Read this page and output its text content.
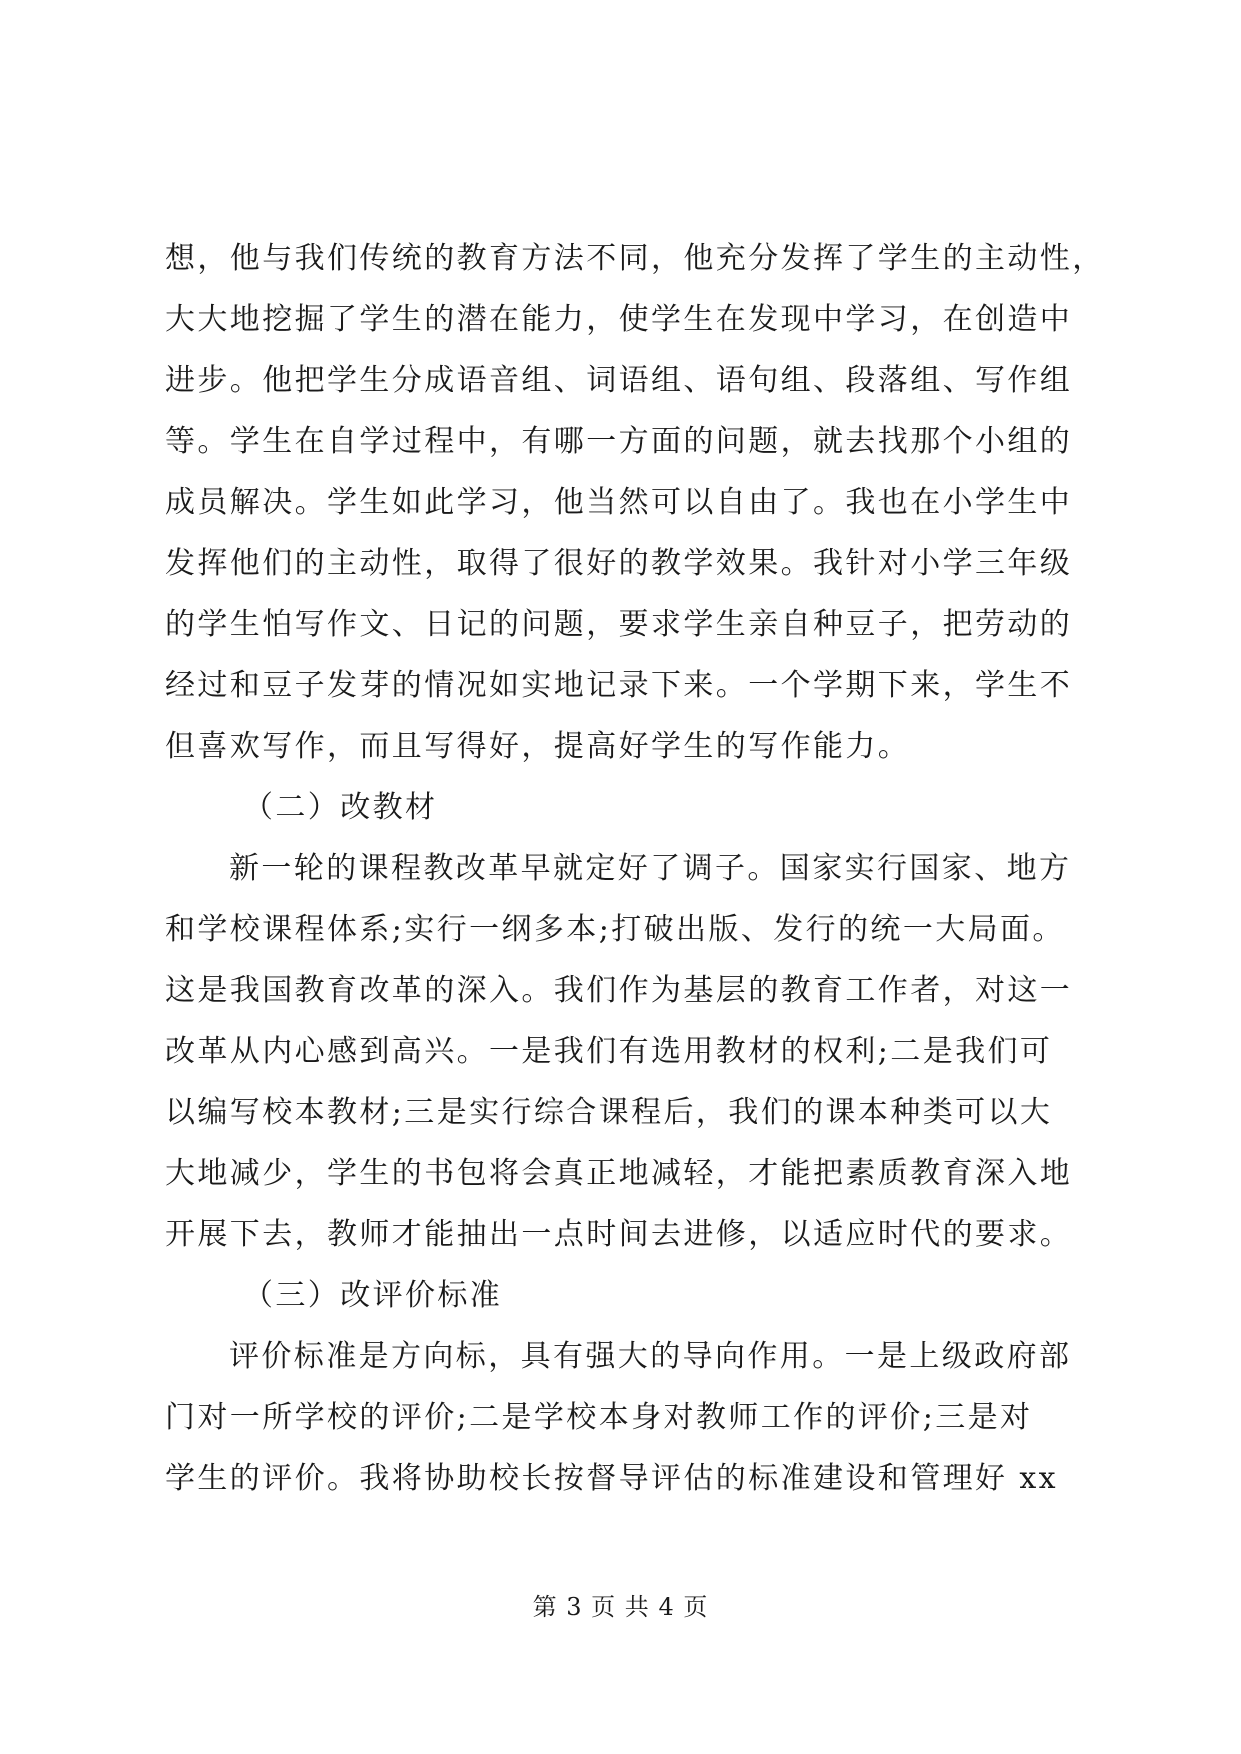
想，他与我们传统的教育方法不同，他充分发挥了学生的主动性，
大大地挖掘了学生的潜在能力，使学生在发现中学习，在创造中
进步。他把学生分成语音组、词语组、语句组、段落组、写作组
等。学生在自学过程中，有哪一方面的问题，就去找那个小组的
成员解决。学生如此学习，他当然可以自由了。我也在小学生中
发挥他们的主动性，取得了很好的教学效果。我针对小学三年级
的学生怕写作文、日记的问题，要求学生亲自种豆子，把劳动的
经过和豆子发芽的情况如实地记录下来。一个学期下来，学生不
但喜欢写作，而且写得好，提高好学生的写作能力。
（二）改教材
新一轮的课程教改革早就定好了调子。国家实行国家、地方
和学校课程体系;实行一纲多本;打破出版、发行的统一大局面。
这是我国教育改革的深入。我们作为基层的教育工作者，对这一
改革从内心感到高兴。一是我们有选用教材的权利;二是我们可
以编写校本教材;三是实行综合课程后，我们的课本种类可以大
大地减少，学生的书包将会真正地减轻，才能把素质教育深入地
开展下去，教师才能抽出一点时间去进修，以适应时代的要求。
（三）改评价标准
评价标准是方向标，具有强大的导向作用。一是上级政府部
门对一所学校的评价;二是学校本身对教师工作的评价;三是对
学生的评价。我将协助校长按督导评估的标准建设和管理好 xx
第 3 页 共 4 页
